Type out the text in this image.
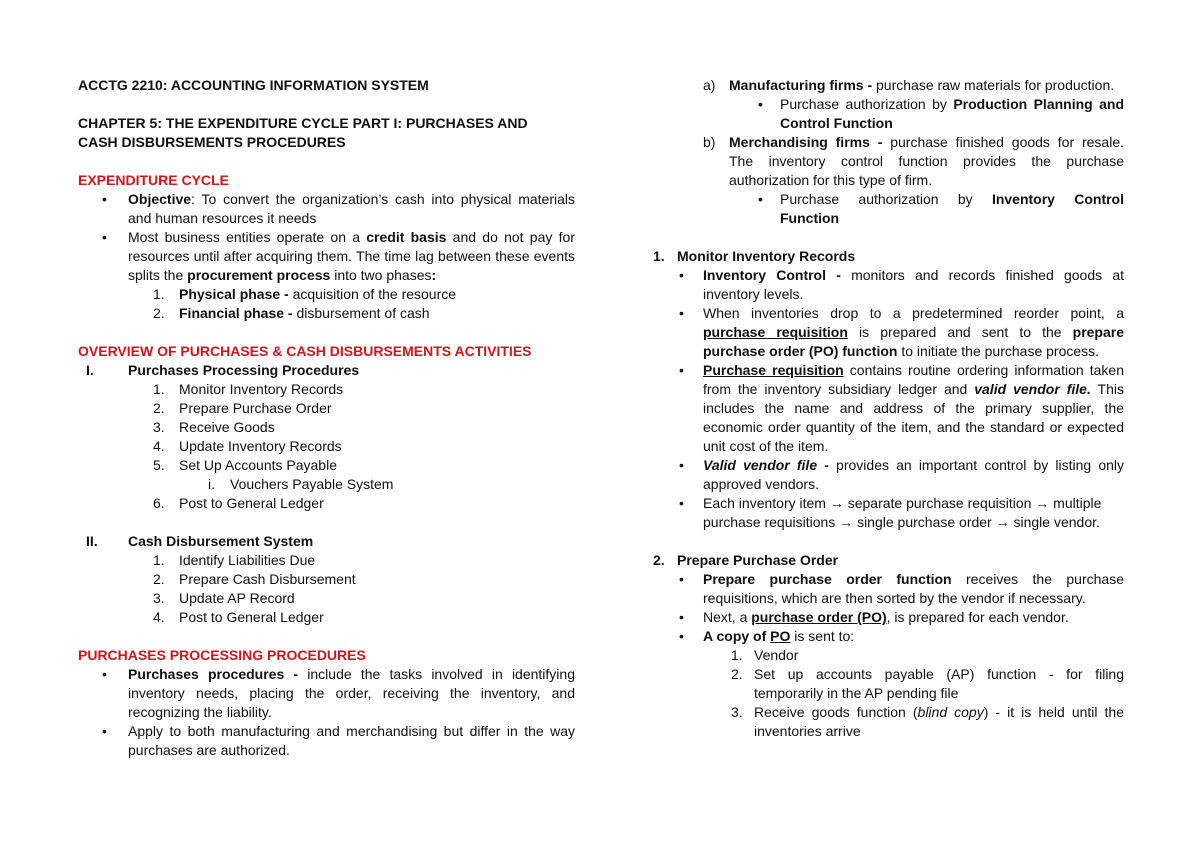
ACCTG 2210: ACCOUNTING INFORMATION SYSTEM

CHAPTER 5: THE EXPENDITURE CYCLE PART I: PURCHASES AND

CASH DISBURSEMENTS PROCEDURES

EXPENDITURE CYCLE

• Objective: To convert the organization’s cash into physical materials and human resources it needs
• Most business entities operate on a credit basis and do not pay for resources until after acquiring them. The time lag between these events splits the procurement process into two phases:
1. Physical phase - acquisition of the resource
2. Financial phase - disbursement of cash

OVERVIEW OF PURCHASES & CASH DISBURSEMENTS ACTIVITIES

I. Purchases Processing Procedures
1. Monitor Inventory Records
2. Prepare Purchase Order
3. Receive Goods
4. Update Inventory Records
5. Set Up Accounts Payable
i. Vouchers Payable System
6. Post to General Ledger
II. Cash Disbursement System
1. Identify Liabilities Due
2. Prepare Cash Disbursement
3. Update AP Record
4. Post to General Ledger

PURCHASES PROCESSING PROCEDURES

• Purchases procedures - include the tasks involved in identifying inventory needs, placing the order, receiving the inventory, and recognizing the liability.
• Apply to both manufacturing and merchandising but differ in the way purchases are authorized.
a) Manufacturing firms - purchase raw materials for production.
• Purchase authorization by Production Planning and Control Function
b) Merchandising firms - purchase finished goods for resale. The inventory control function provides the purchase authorization for this type of firm.
• Purchase authorization by Inventory Control Function
1. Monitor Inventory Records
• Inventory Control - monitors and records finished goods at inventory levels.
• When inventories drop to a predetermined reorder point, a purchase requisition is prepared and sent to the prepare purchase order (PO) function to initiate the purchase process.
• Purchase requisition contains routine ordering information taken from the inventory subsidiary ledger and valid vendor file. This includes the name and address of the primary supplier, the economic order quantity of the item, and the standard or expected unit cost of the item.
• Valid vendor file - provides an important control by listing only approved vendors.
• Each inventory item → separate purchase requisition → multiple purchase requisitions → single purchase order → single vendor.
2. Prepare Purchase Order
• Prepare purchase order function receives the purchase requisitions, which are then sorted by the vendor if necessary.
• Next, a purchase order (PO), is prepared for each vendor.
• A copy of PO is sent to:
1. Vendor
2. Set up accounts payable (AP) function - for filing temporarily in the AP pending file
3. Receive goods function (blind copy) - it is held until the inventories arrive
